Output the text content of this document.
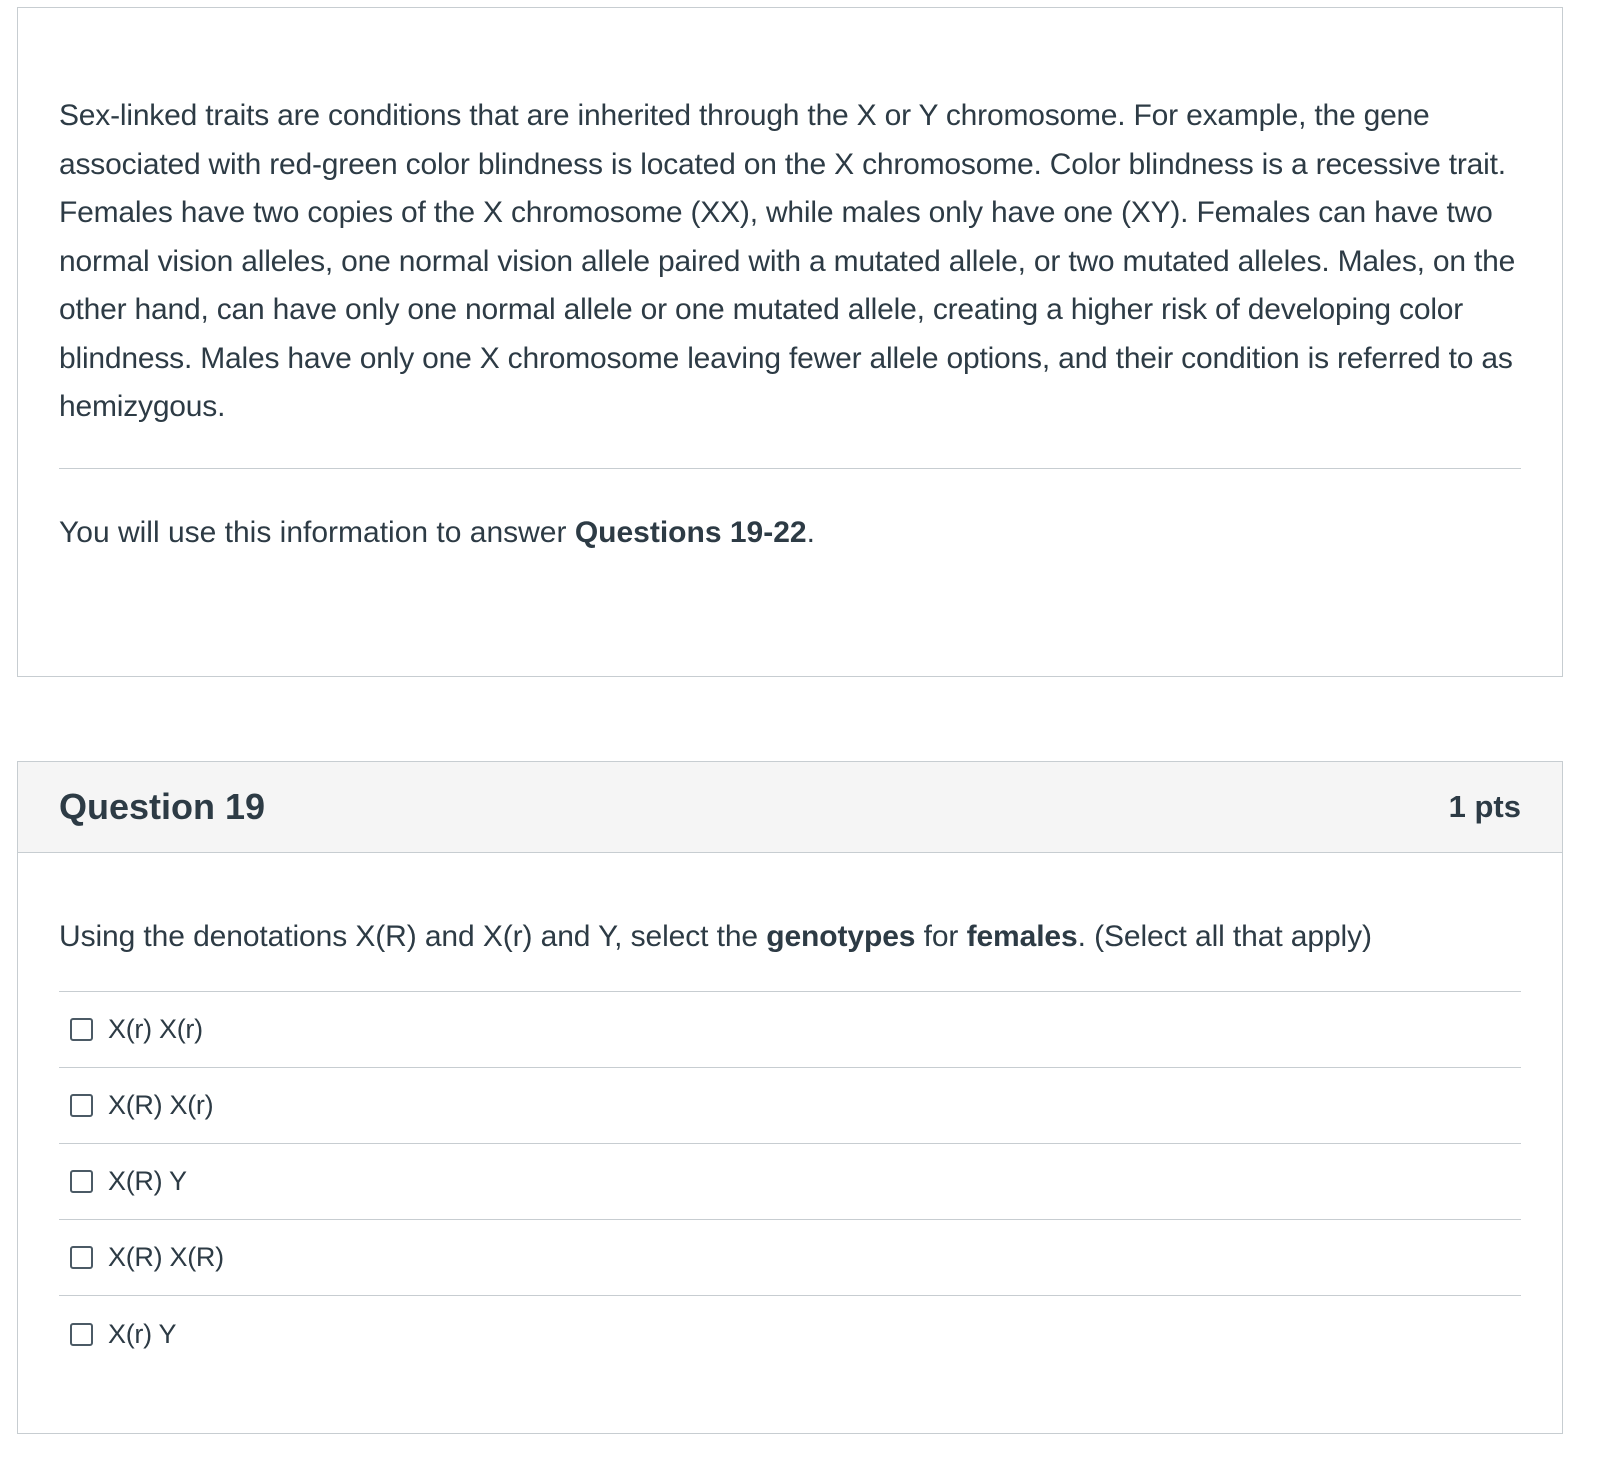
Sex-linked traits are conditions that are inherited through the X or Y chromosome. For example, the gene associated with red-green color blindness is located on the X chromosome. Color blindness is a recessive trait. Females have two copies of the X chromosome (XX), while males only have one (XY). Females can have two normal vision alleles, one normal vision allele paired with a mutated allele, or two mutated alleles. Males, on the other hand, can have only one normal allele or one mutated allele, creating a higher risk of developing color blindness. Males have only one X chromosome leaving fewer allele options, and their condition is referred to as hemizygous.

You will use this information to answer Questions 19-22.

Question 19	1 pts

Using the denotations X(R) and X(r) and Y, select the genotypes for females. (Select all that apply)

X(r) X(r)
X(R) X(r)
X(R) Y
X(R) X(R)
X(r) Y
